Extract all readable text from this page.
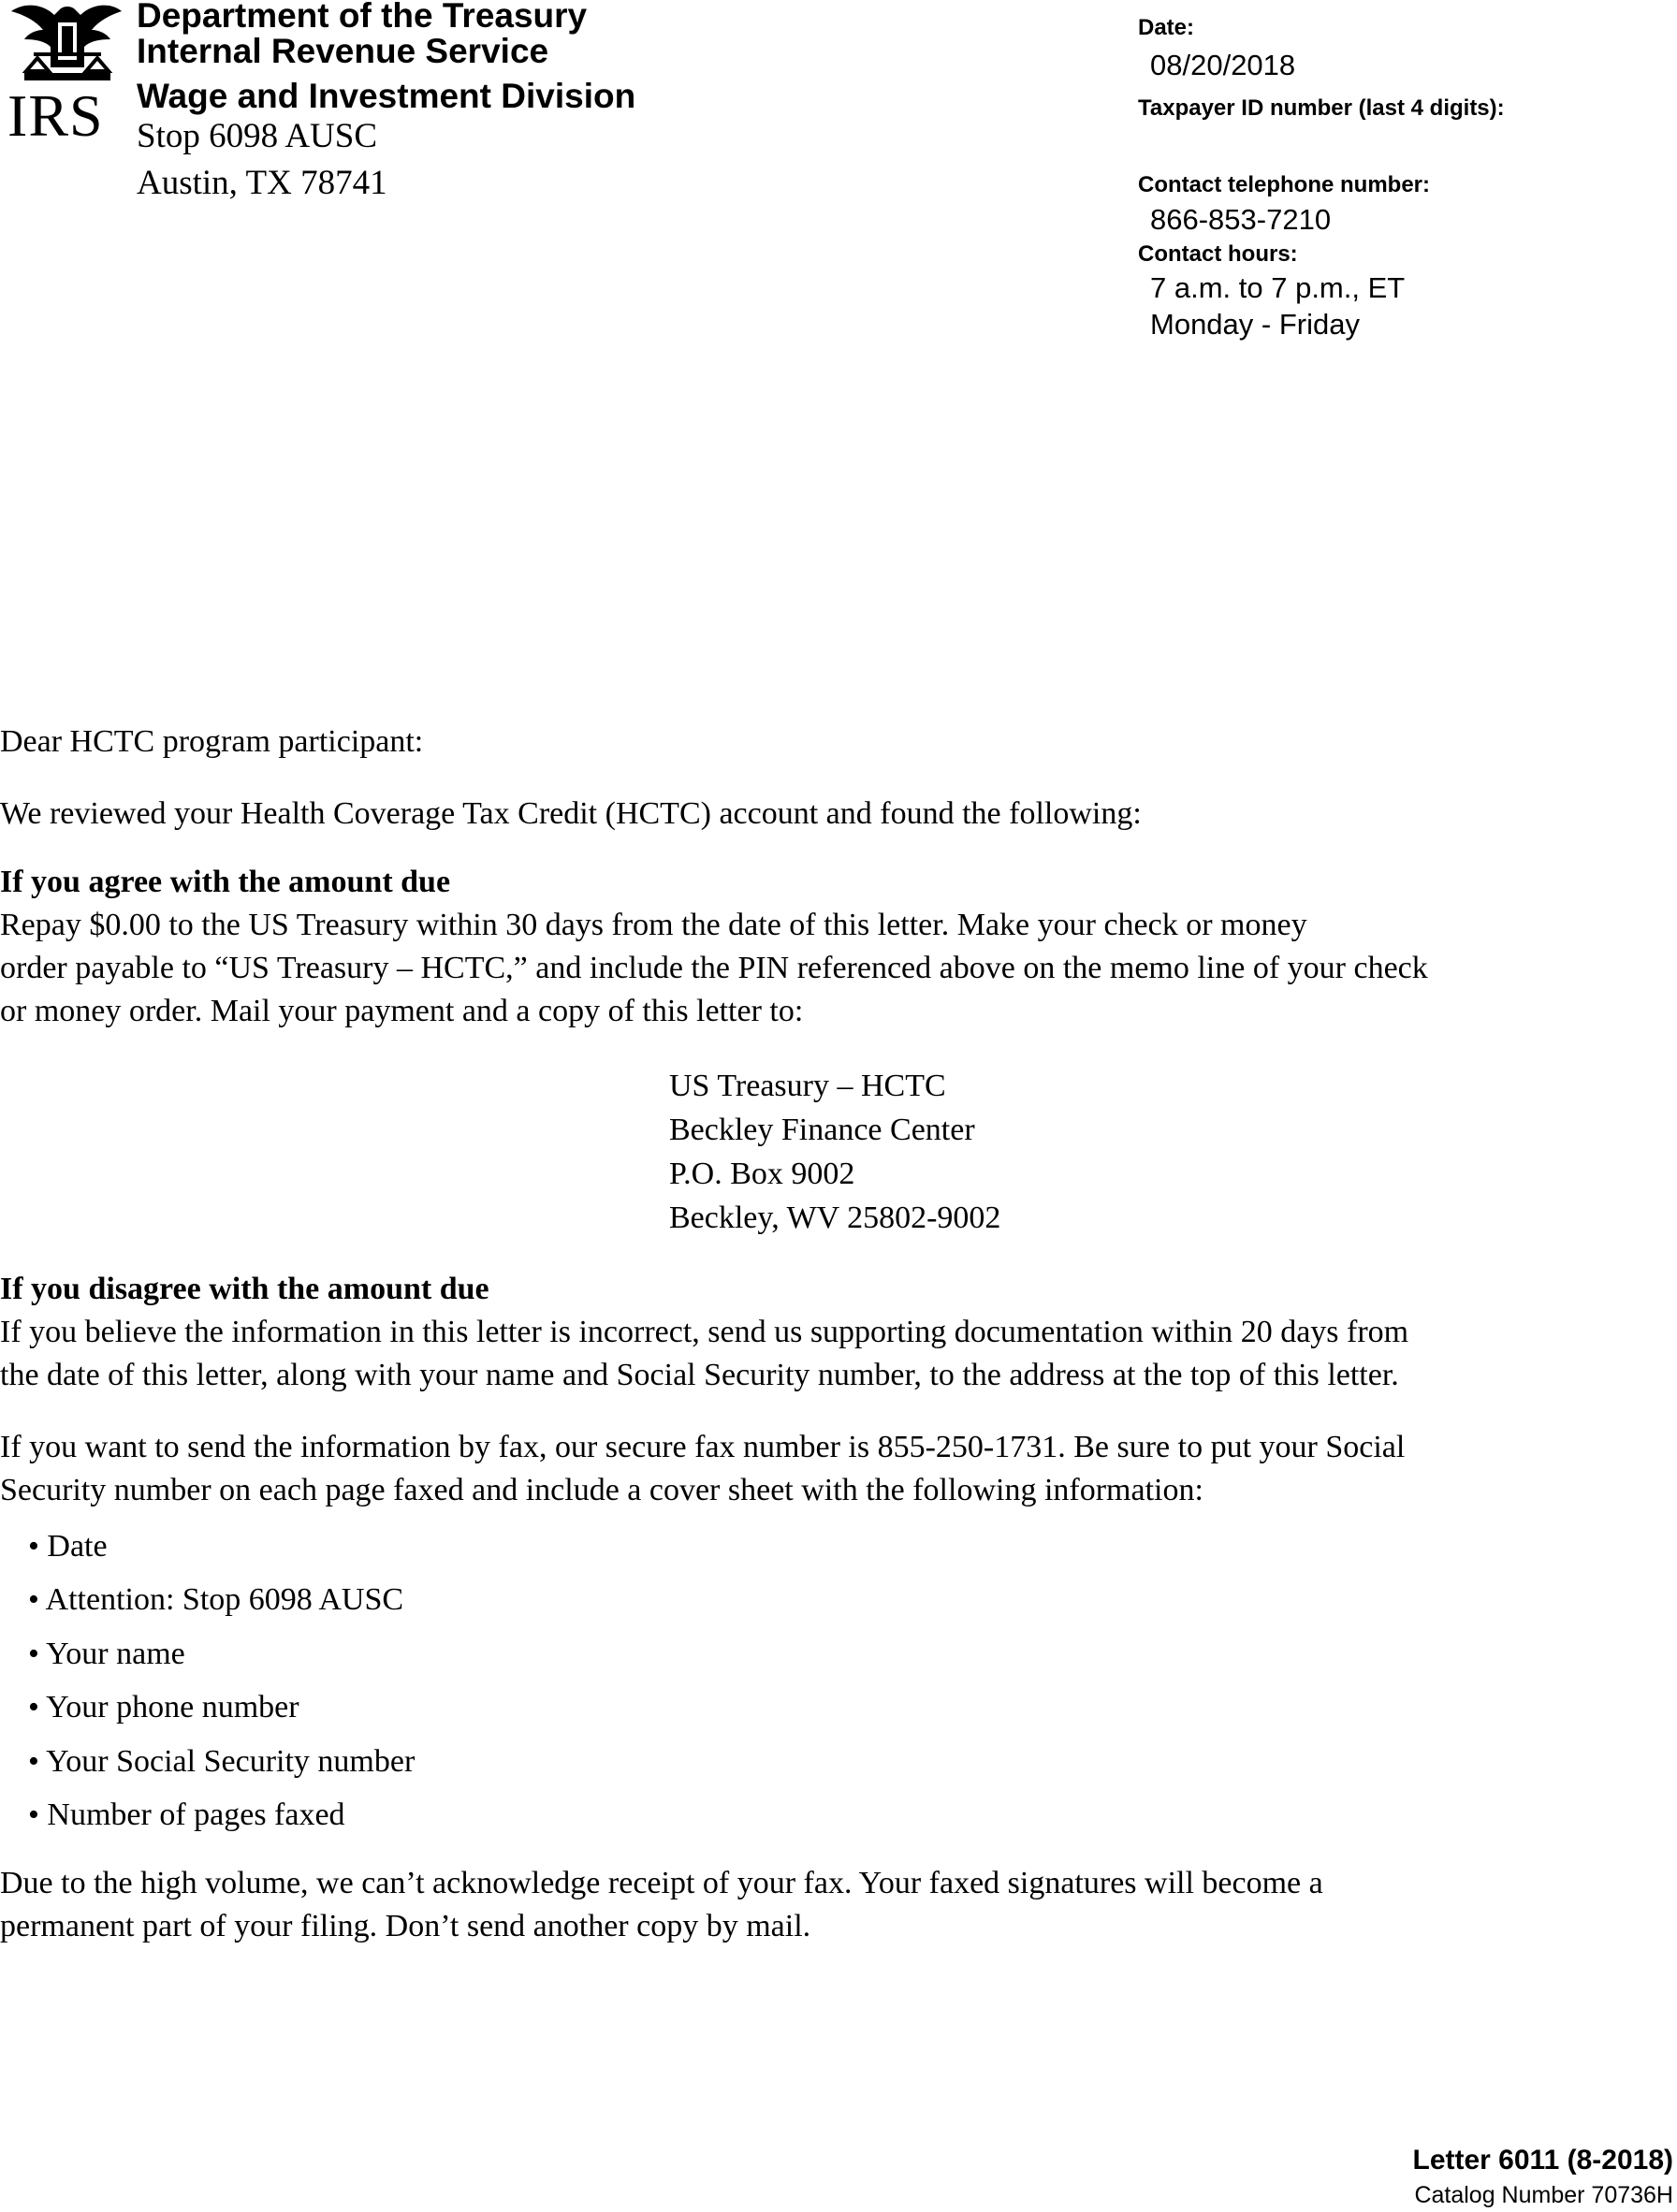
IRS
Department of the Treasury
Internal Revenue Service
Wage and Investment Division
Stop 6098 AUSC
Austin, TX 78741
Date:
08/20/2018
Taxpayer ID number (last 4 digits):
Contact telephone number:
866-853-7210
Contact hours:
7 a.m. to 7 p.m., ET
Monday - Friday
Dear HCTC program participant:
We reviewed your Health Coverage Tax Credit (HCTC) account and found the following:
If you agree with the amount due
Repay $0.00 to the US Treasury within 30 days from the date of this letter. Make your check or money
order payable to “US Treasury – HCTC,” and include the PIN referenced above on the memo line of your check
or money order. Mail your payment and a copy of this letter to:
US Treasury – HCTC
Beckley Finance Center
P.O. Box 9002
Beckley, WV 25802-9002
If you disagree with the amount due
If you believe the information in this letter is incorrect, send us supporting documentation within 20 days from
the date of this letter, along with your name and Social Security number, to the address at the top of this letter.
If you want to send the information by fax, our secure fax number is 855-250-1731. Be sure to put your Social
Security number on each page faxed and include a cover sheet with the following information:
• Date
• Attention: Stop 6098 AUSC
• Your name
• Your phone number
• Your Social Security number
• Number of pages faxed
Due to the high volume, we can’t acknowledge receipt of your fax. Your faxed signatures will become a
permanent part of your filing. Don’t send another copy by mail.
Letter 6011 (8-2018)
Catalog Number 70736H
